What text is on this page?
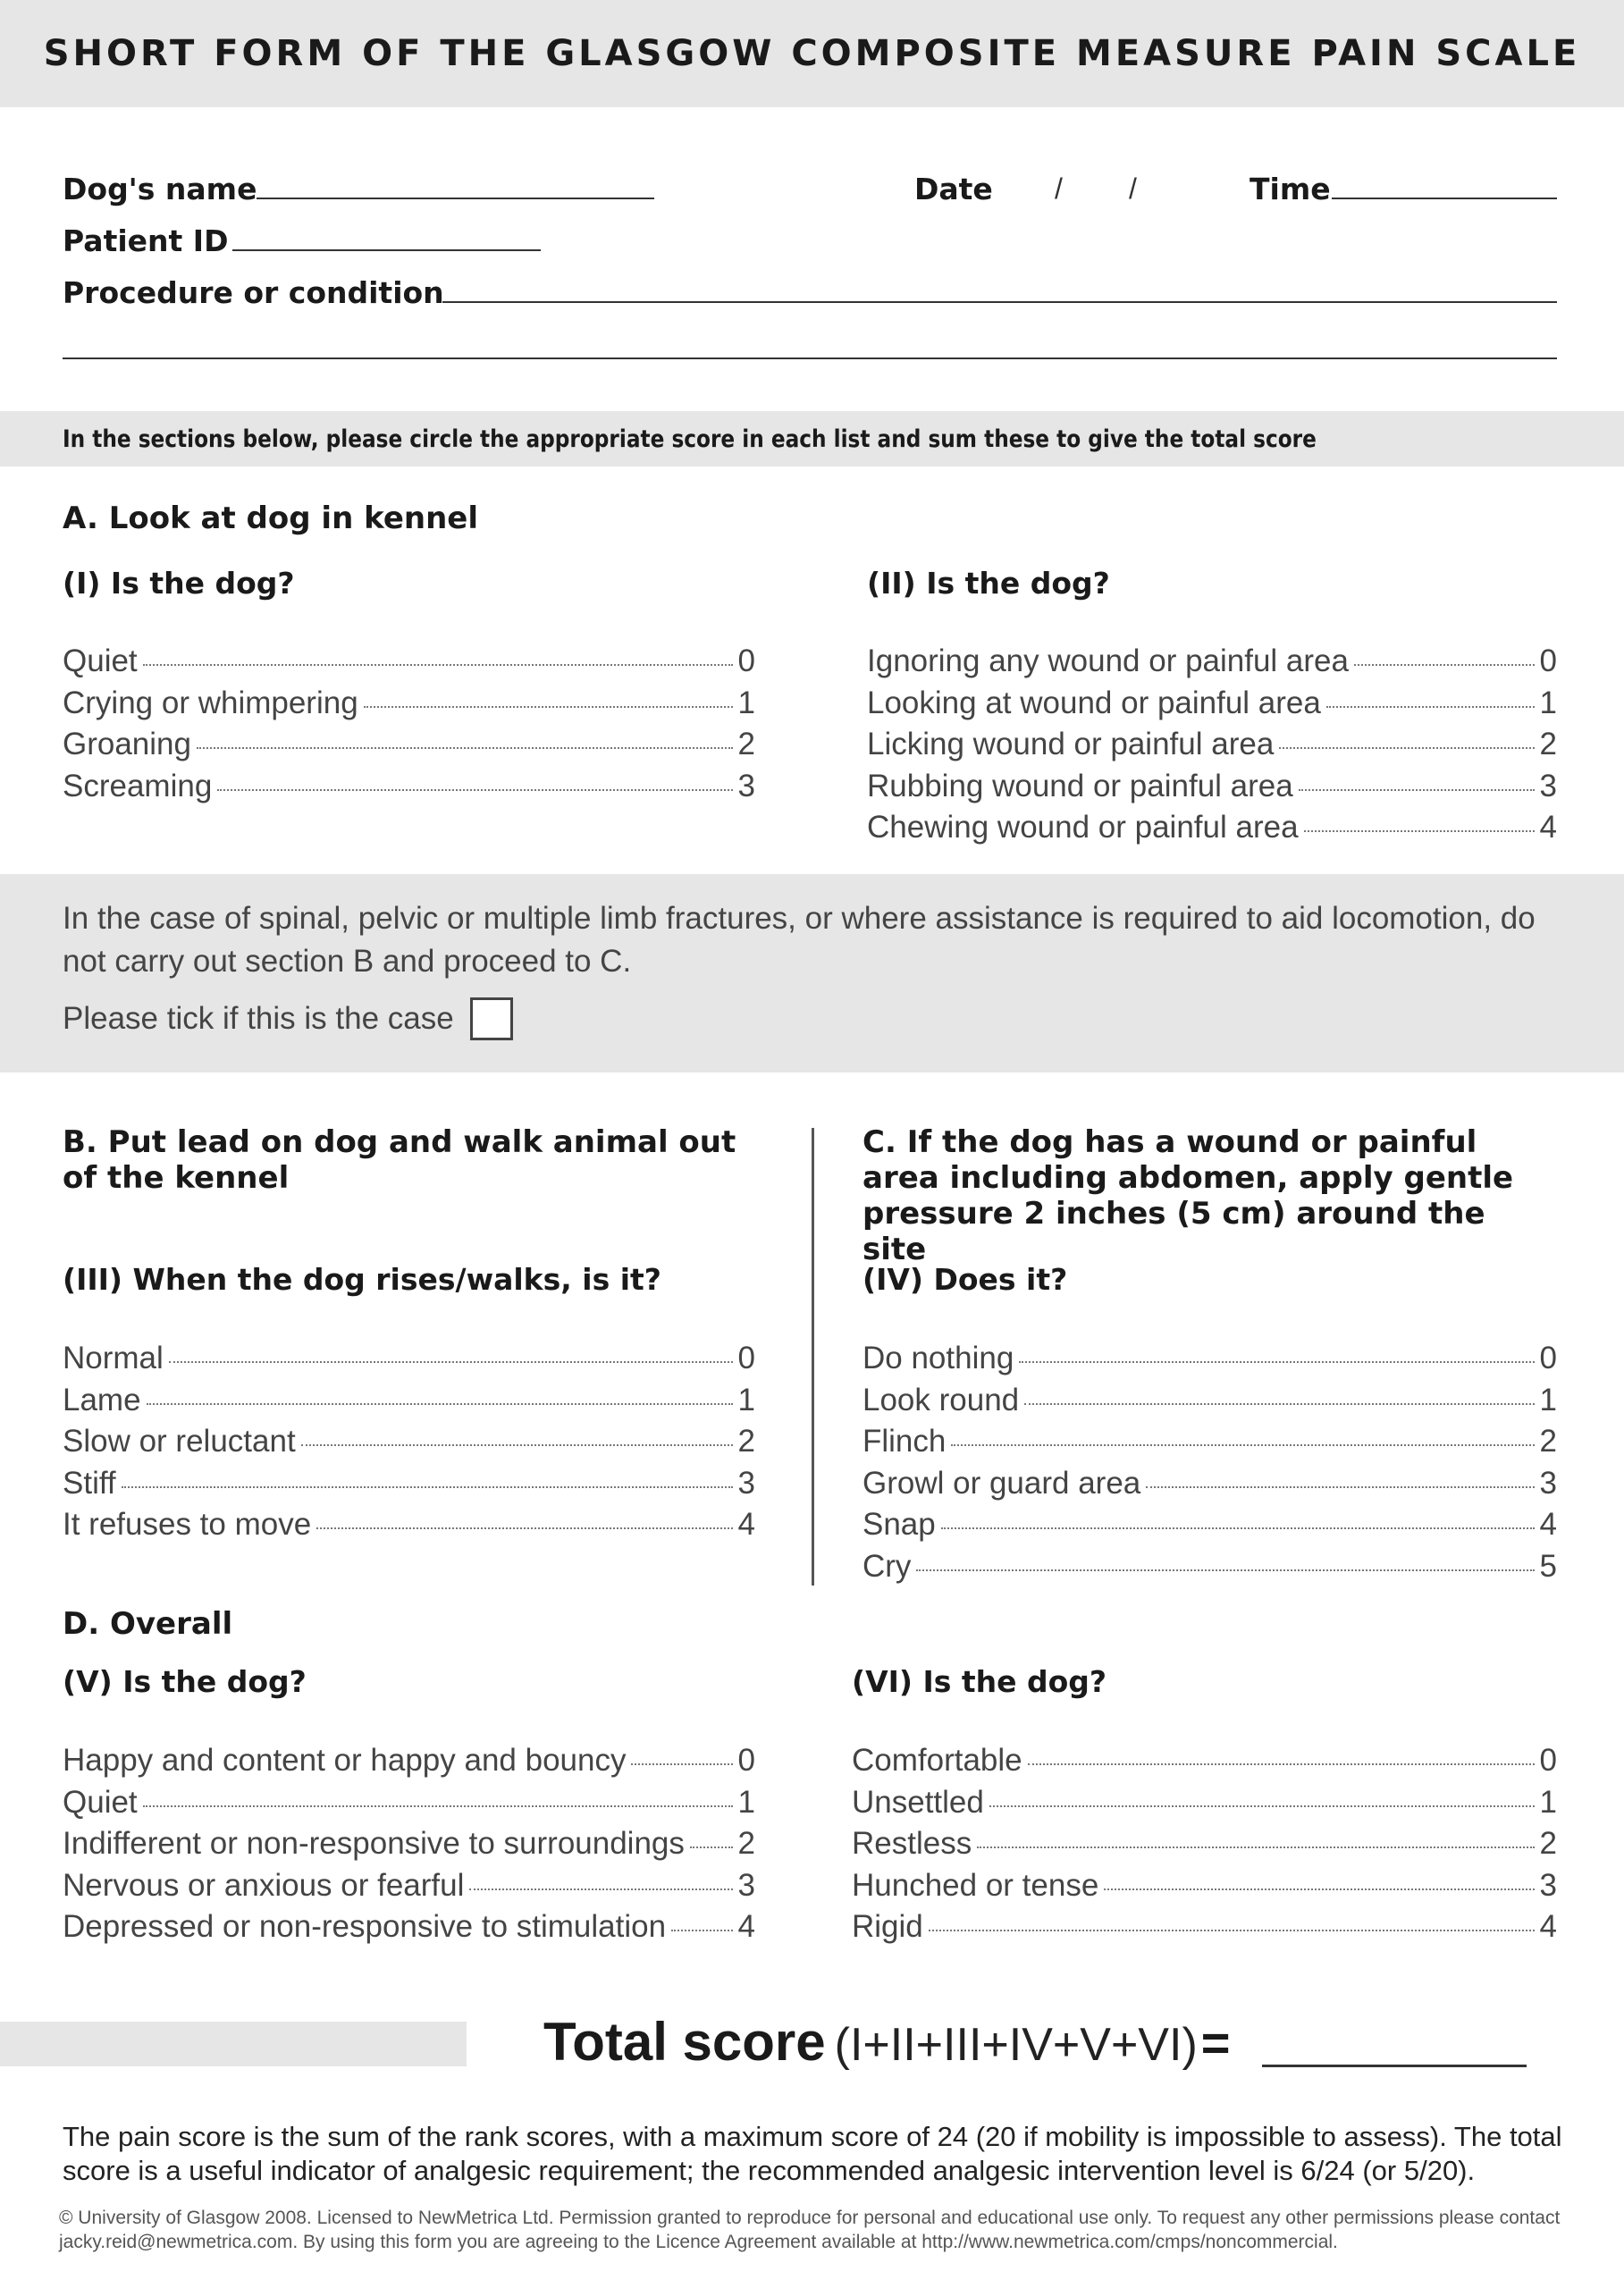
SHORT FORM OF THE GLASGOW COMPOSITE MEASURE PAIN SCALE
Dog's name	Date / /	Time
Patient ID
Procedure or condition
In the sections below, please circle the appropriate score in each list and sum these to give the total score
A. Look at dog in kennel
(I) Is the dog?	(II) Is the dog?
Quiet	0
Crying or whimpering	1
Groaning	2
Screaming	3
Ignoring any wound or painful area	0
Looking at wound or painful area	1
Licking wound or painful area	2
Rubbing wound or painful area	3
Chewing wound or painful area	4
In the case of spinal, pelvic or multiple limb fractures, or where assistance is required to aid locomotion, do not carry out section B and proceed to C.
Please tick if this is the case
B. Put lead on dog and walk animal out of the kennel
(III) When the dog rises/walks, is it?
Normal	0
Lame	1
Slow or reluctant	2
Stiff	3
It refuses to move	4
C. If the dog has a wound or painful area including abdomen, apply gentle pressure 2 inches (5 cm) around the site
(IV) Does it?
Do nothing	0
Look round	1
Flinch	2
Growl or guard area	3
Snap	4
Cry	5
D. Overall
(V) Is the dog?	(VI) Is the dog?
Happy and content or happy and bouncy	0
Quiet	1
Indifferent or non-responsive to surroundings 2
Nervous or anxious or fearful	3
Depressed or non-responsive to stimulation 4
Comfortable	0
Unsettled	1
Restless	2
Hunched or tense	3
Rigid	4
Total score (I+II+III+IV+V+VI) =
The pain score is the sum of the rank scores, with a maximum score of 24 (20 if mobility is impossible to assess). The total score is a useful indicator of analgesic requirement; the recommended analgesic intervention level is 6/24 (or 5/20).
© University of Glasgow 2008. Licensed to NewMetrica Ltd. Permission granted to reproduce for personal and educational use only. To request any other permissions please contact jacky.reid@newmetrica.com. By using this form you are agreeing to the Licence Agreement available at http://www.newmetrica.com/cmps/noncommercial.
